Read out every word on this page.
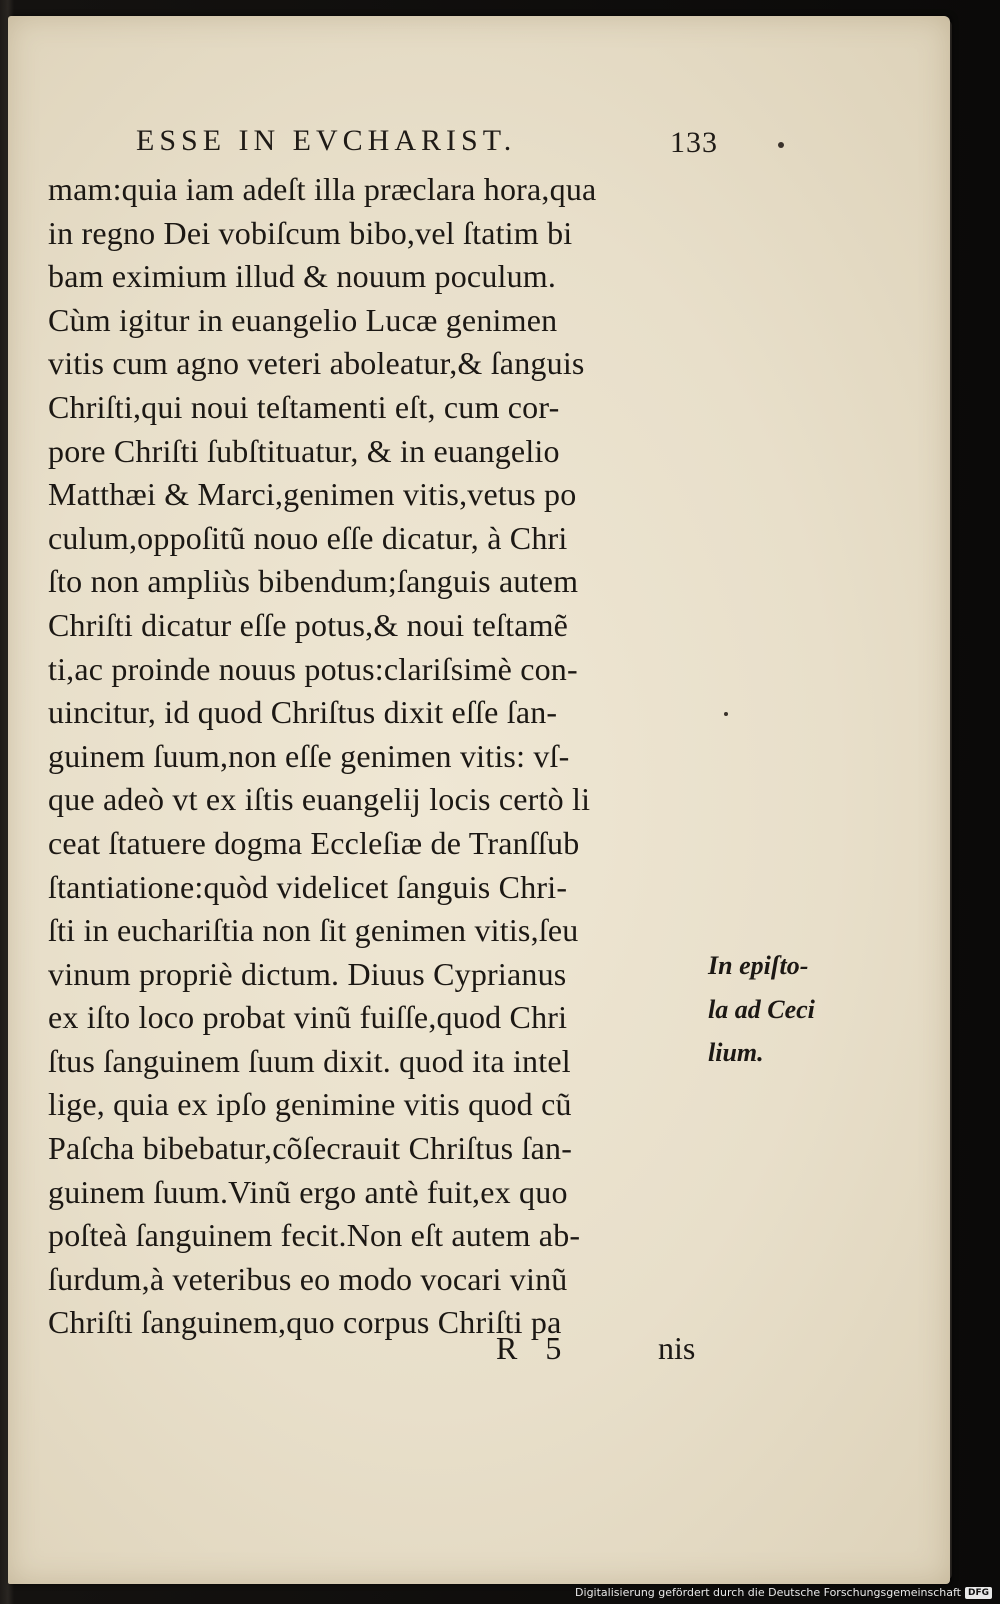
ESSE IN EVCHARIST.	133
mam:quia iam adeſt illa præclara hora,qua
in regno Dei vobiſcum bibo,vel ſtatim bi
bam eximium illud & nouum poculum.
Cùm igitur in euangelio Lucæ genimen
vitis cum agno veteri aboleatur,& ſanguis
Chriſti,qui noui teſtamenti eſt, cum cor-
pore Chriſti ſubſtituatur, & in euangelio
Matthæi & Marci,genimen vitis,vetus po
culum,oppoſitũ nouo eſſe dicatur, à Chri
ſto non ampliùs bibendum;ſanguis autem
Chriſti dicatur eſſe potus,& noui teſtamẽ
ti,ac proinde nouus potus:clariſsimè con-
uincitur, id quod Chriſtus dixit eſſe ſan-
guinem ſuum,non eſſe genimen vitis: vſ-
que adeò vt ex iſtis euangelij locis certò li
ceat ſtatuere dogma Eccleſiæ de Tranſſub
ſtantiatione:quòd videlicet ſanguis Chri-
ſti in euchariſtia non ſit genimen vitis,ſeu
vinum propriè dictum. Diuus Cyprianus
ex iſto loco probat vinũ fuiſſe,quod Chri
ſtus ſanguinem ſuum dixit. quod ita intel
lige, quia ex ipſo genimine vitis quod cũ
Paſcha bibebatur,cõſecrauit Chriſtus ſan-
guinem ſuum.Vinũ ergo antè fuit,ex quo
poſteà ſanguinem fecit.Non eſt autem ab-
ſurdum,à veteribus eo modo vocari vinũ
Chriſti ſanguinem,quo corpus Chriſti pa
In epiſto-
la ad Ceci
lium.
R 5	nis
Digitalisierung gefördert durch die Deutsche Forschungsgemeinschaft DFG
